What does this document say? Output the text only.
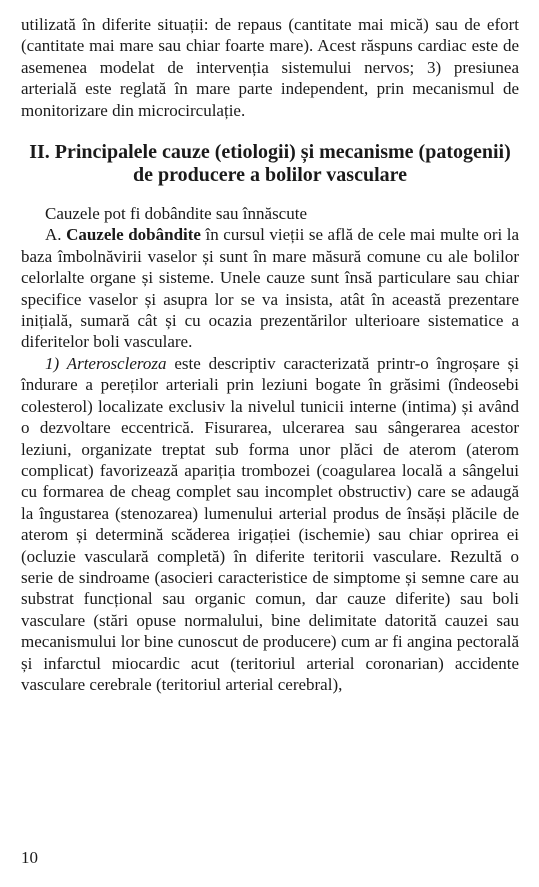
utilizată în diferite situații: de repaus (cantitate mai mică) sau de efort (cantitate mai mare sau chiar foarte mare). Acest răspuns cardiac este de asemenea modelat de intervenția sistemului nervos; 3) presiunea arterială este reglată în mare parte independent, prin mecanismul de monitorizare din microcirculație.

II. Principalele cauze (etiologii) și mecanisme (patogenii) de producere a bolilor vasculare

Cauzele pot fi dobândite sau înnăscute

A. Cauzele dobândite în cursul vieții se află de cele mai multe ori la baza îmbolnăvirii vaselor și sunt în mare măsură comune cu ale bolilor celorlalte organe și sisteme. Unele cauze sunt însă particulare sau chiar specifice vaselor și asupra lor se va insista, atât în această prezentare inițială, sumară cât și cu ocazia prezentărilor ulterioare sistematice a diferitelor boli vasculare.

1) Arteroscleroza este descriptiv caracterizată printr-o îngroșare și îndurare a pereților arteriali prin leziuni bogate în grăsimi (îndeosebi colesterol) localizate exclusiv la nivelul tunicii interne (intima) și având o dezvoltare eccentrică. Fisurarea, ulcerarea sau sângerarea acestor leziuni, organizate treptat sub forma unor plăci de aterom (aterom complicat) favorizează apariția trombozei (coagularea locală a sângelui cu formarea de cheag complet sau incomplet obstructiv) care se adaugă la îngustarea (stenozarea) lumenului arterial produs de însăși plăcile de aterom și determină scăderea irigației (ischemie) sau chiar oprirea ei (ocluzie vasculară completă) în diferite teritorii vasculare. Rezultă o serie de sindroame (asocieri caracteristice de simptome și semne care au substrat funcțional sau organic comun, dar cauze diferite) sau boli vasculare (stări opuse normalului, bine delimitate datorită cauzei sau mecanismului lor bine cunoscut de producere) cum ar fi angina pectorală și infarctul miocardic acut (teritoriul arterial coronarian) accidente vasculare cerebrale (teritoriul arterial cerebral),

10
